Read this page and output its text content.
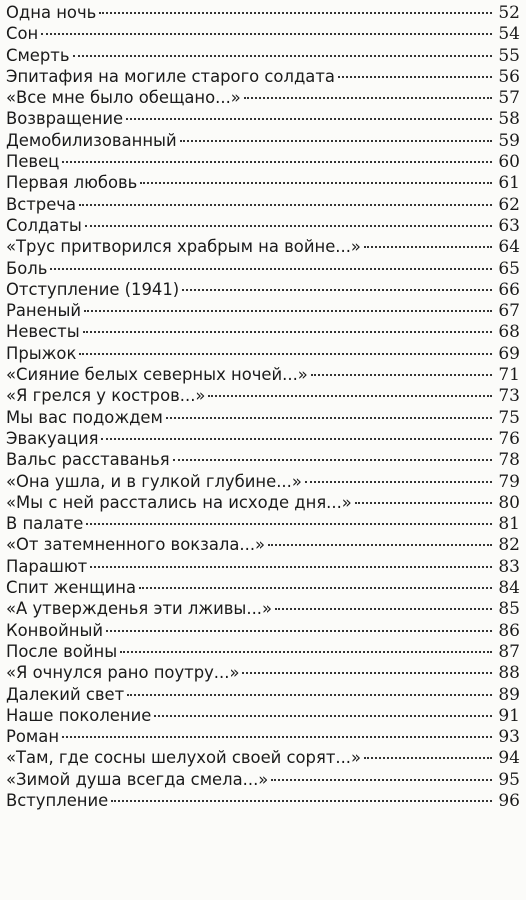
Одна ночь	52
Сон	54
Смерть	55
Эпитафия на могиле старого солдата	56
«Все мне было обещано...»	57
Возвращение	58
Демобилизованный	59
Певец	60
Первая любовь	61
Встреча	62
Солдаты	63
«Трус притворился храбрым на войне...»	64
Боль	65
Отступление (1941)	66
Раненый	67
Невесты	68
Прыжок	69
«Сияние белых северных ночей...»	71
«Я грелся у костров...»	73
Мы вас подождем	75
Эвакуация	76
Вальс расставанья	78
«Она ушла, и в гулкой глубине...»	79
«Мы с ней расстались на исходе дня...»	80
В палате	81
«От затемненного вокзала...»	82
Парашют	83
Спит женщина	84
«А утвержденья эти лживы...»	85
Конвойный	86
После войны	87
«Я очнулся рано поутру...»	88
Далекий свет	89
Наше поколение	91
Роман	93
«Там, где сосны шелухой своей сорят...»	94
«Зимой душа всегда смела...»	95
Вступление	96
